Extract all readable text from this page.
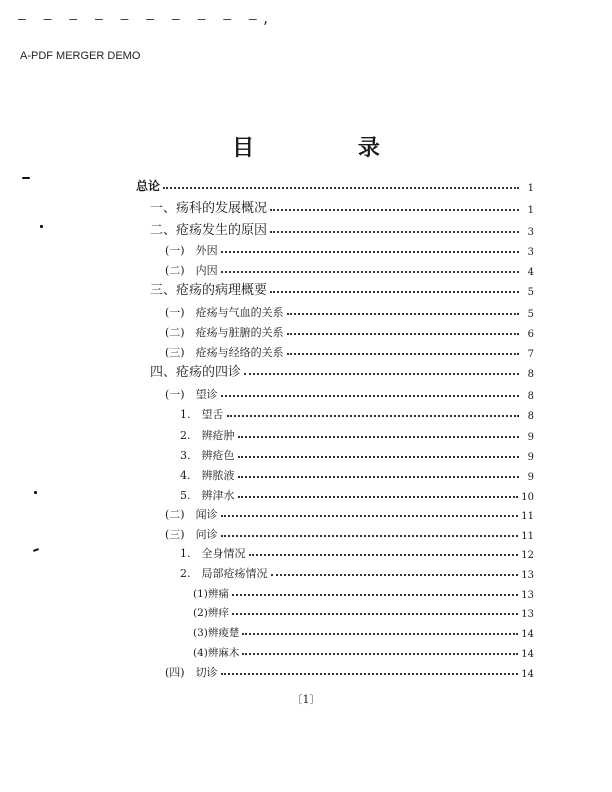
— — — — — — — — — —,
A-PDF MERGER DEMO
目 录
总论	1
一、疡科的发展概况	1
二、疮疡发生的原因	3
(一)　外因	3
(二)　内因	4
三、疮疡的病理概要	5
(一)　疮疡与气血的关系	5
(二)　疮疡与脏腑的关系	6
(三)　疮疡与经络的关系	7
四、疮疡的四诊	8
(一)　望诊	8
1.　望舌	8
2.　辨疮肿	9
3.　辨疮色	9
4.　辨脓液	9
5.　辨津水	10
(二)　闻诊	11
(三)　问诊	11
1.　全身情况	12
2.　局部疮疡情况	13
(1)辨痛	13
(2)辨痒	13
(3)辨痠楚	14
(4)辨麻木	14
(四)　切诊	14
〔1〕
